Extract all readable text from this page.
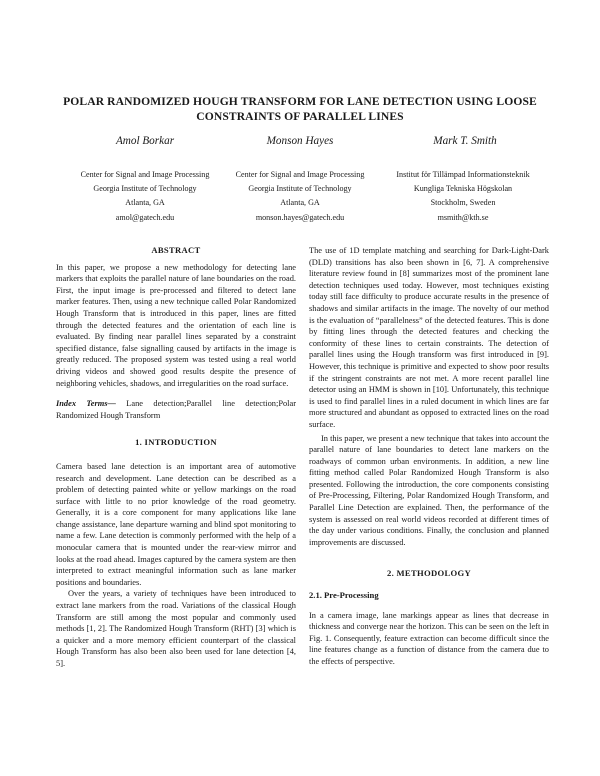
POLAR RANDOMIZED HOUGH TRANSFORM FOR LANE DETECTION USING LOOSE
CONSTRAINTS OF PARALLEL LINES
Amol Borkar	Monson Hayes	Mark T. Smith
Center for Signal and Image Processing
Georgia Institute of Technology
Atlanta, GA
amol@gatech.edu
Center for Signal and Image Processing
Georgia Institute of Technology
Atlanta, GA
monson.hayes@gatech.edu
Institut för Tillämpad Informationsteknik
Kungliga Tekniska Högskolan
Stockholm, Sweden
msmith@kth.se
ABSTRACT

In this paper, we propose a new methodology for detecting lane markers that exploits the parallel nature of lane boundaries on the road. First, the input image is pre-processed and filtered to detect lane marker features. Then, using a new technique called Polar Randomized Hough Transform that is introduced in this paper, lines are fitted through the detected features and the orientation of each line is evaluated. By finding near parallel lines separated by a constraint specified distance, false signalling caused by artifacts in the image is greatly reduced. The proposed system was tested using a real world driving videos and showed good results despite the presence of neighboring vehicles, shadows, and irregularities on the road surface.

Index Terms— Lane detection;Parallel line detection;Polar Randomized Hough Transform

1. INTRODUCTION

Camera based lane detection is an important area of automotive research and development. Lane detection can be described as a problem of detecting painted white or yellow markings on the road surface with little to no prior knowledge of the road geometry. Generally, it is a core component for many applications like lane change assistance, lane departure warning and blind spot monitoring to name a few. Lane detection is commonly performed with the help of a monocular camera that is mounted under the rear-view mirror and looks at the road ahead. Images captured by the camera system are then interpreted to extract meaningful information such as lane marker positions and boundaries.

Over the years, a variety of techniques have been introduced to extract lane markers from the road. Variations of the classical Hough Transform are still among the most popular and commonly used methods [1, 2]. The Randomized Hough Transform (RHT) [3] which is a quicker and a more memory efficient counterpart of the classical Hough Transform has also been also been used for lane detection [4, 5].

The use of 1D template matching and searching for Dark-Light-Dark (DLD) transitions has also been shown in [6, 7]. A comprehensive literature review found in [8] summarizes most of the prominent lane detection techniques used today. However, most techniques existing today still face difficulty to produce accurate results in the presence of shadows and similar artifacts in the image. The novelty of our method is the evaluation of “parallelness” of the detected features. This is done by fitting lines through the detected features and checking the conformity of these lines to certain constraints. The detection of parallel lines using the Hough transform was first introduced in [9]. However, this technique is primitive and expected to show poor results if the stringent constraints are not met. A more recent parallel line detector using an HMM is shown in [10]. Unfortunately, this technique is used to find parallel lines in a ruled document in which lines are far more structured and abundant as opposed to extracted lines on the road surface.

In this paper, we present a new technique that takes into account the parallel nature of lane boundaries to detect lane markers on the roadways of common urban environments. In addition, a new line fitting method called Polar Randomized Hough Transform is also presented. Following the introduction, the core components consisting of Pre-Processing, Filtering, Polar Randomized Hough Transform, and Parallel Line Detection are explained. Then, the performance of the system is assessed on real world videos recorded at different times of the day under various conditions. Finally, the conclusion and planned improvements are discussed.

2. METHODOLOGY
2.1. Pre-Processing

In a camera image, lane markings appear as lines that decrease in thickness and converge near the horizon. This can be seen on the left in Fig. 1. Consequently, feature extraction can become difficult since the line features change as a function of distance from the camera due to the effects of perspective.
